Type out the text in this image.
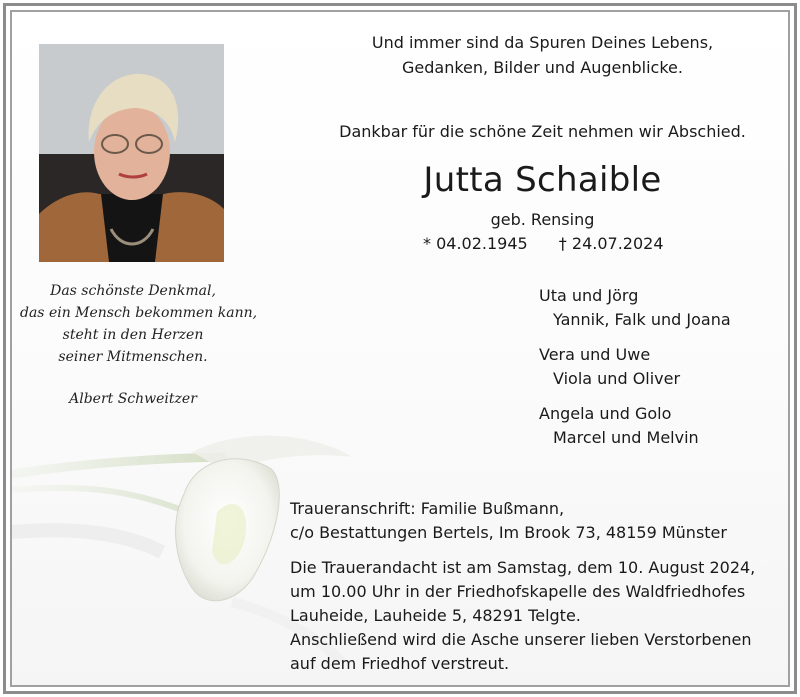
Das schönste Denkmal,
das ein Mensch bekommen kann,
steht in den Herzen
seiner Mitmenschen.
Albert Schweitzer
Und immer sind da Spuren Deines Lebens,
Gedanken, Bilder und Augenblicke.
Dankbar für die schöne Zeit nehmen wir Abschied.
Jutta Schaible
geb. Rensing
* 04.02.1945 † 24.07.2024
Uta und Jörg
Yannik, Falk und Joana
Vera und Uwe
Viola und Oliver
Angela und Golo
Marcel und Melvin
Traueranschrift: Familie Bußmann,
c/o Bestattungen Bertels, Im Brook 73, 48159 Münster
Die Trauerandacht ist am Samstag, dem 10. August 2024,
um 10.00 Uhr in der Friedhofskapelle des Waldfriedhofes
Lauheide, Lauheide 5, 48291 Telgte.
Anschließend wird die Asche unserer lieben Verstorbenen
auf dem Friedhof verstreut.
